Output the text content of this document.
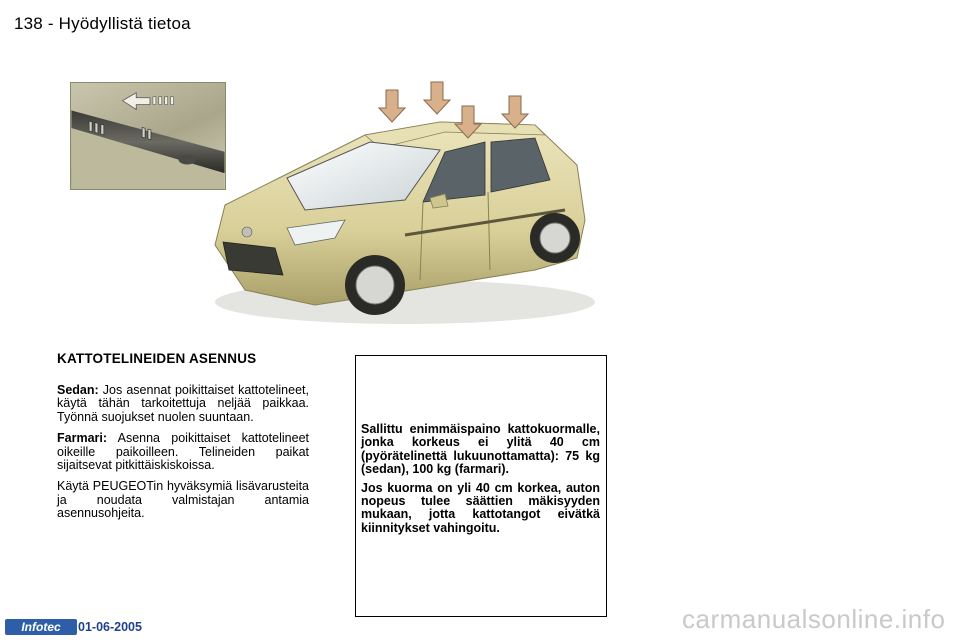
138 - Hyödyllistä tietoa
KATTOTELINEIDEN ASENNUS

Sedan: Jos asennat poikittaiset kattotelineet, käytä tähän tarkoitettuja neljää paikkaa. Työnnä suojukset nuolen suuntaan.

Farmari: Asenna poikittaiset kattotelineet oikeille paikoilleen. Telineiden paikat sijaitsevat pitkittäiskiskoissa.

Käytä PEUGEOTin hyväksymiä lisävarusteita ja noudata valmistajan antamia asennusohjeita.

Sallittu enimmäispaino kattokuormalle, jonka korkeus ei ylitä 40 cm (pyörätelinettä lukuunottamatta): 75 kg (sedan), 100 kg (farmari).

Jos kuorma on yli 40 cm korkea, auton nopeus tulee säättien mäkisyyden mukaan, jotta kattotangot eivätkä kiinnitykset vahingoitu.

Infotec	01-06-2005	carmanualsonline.info
